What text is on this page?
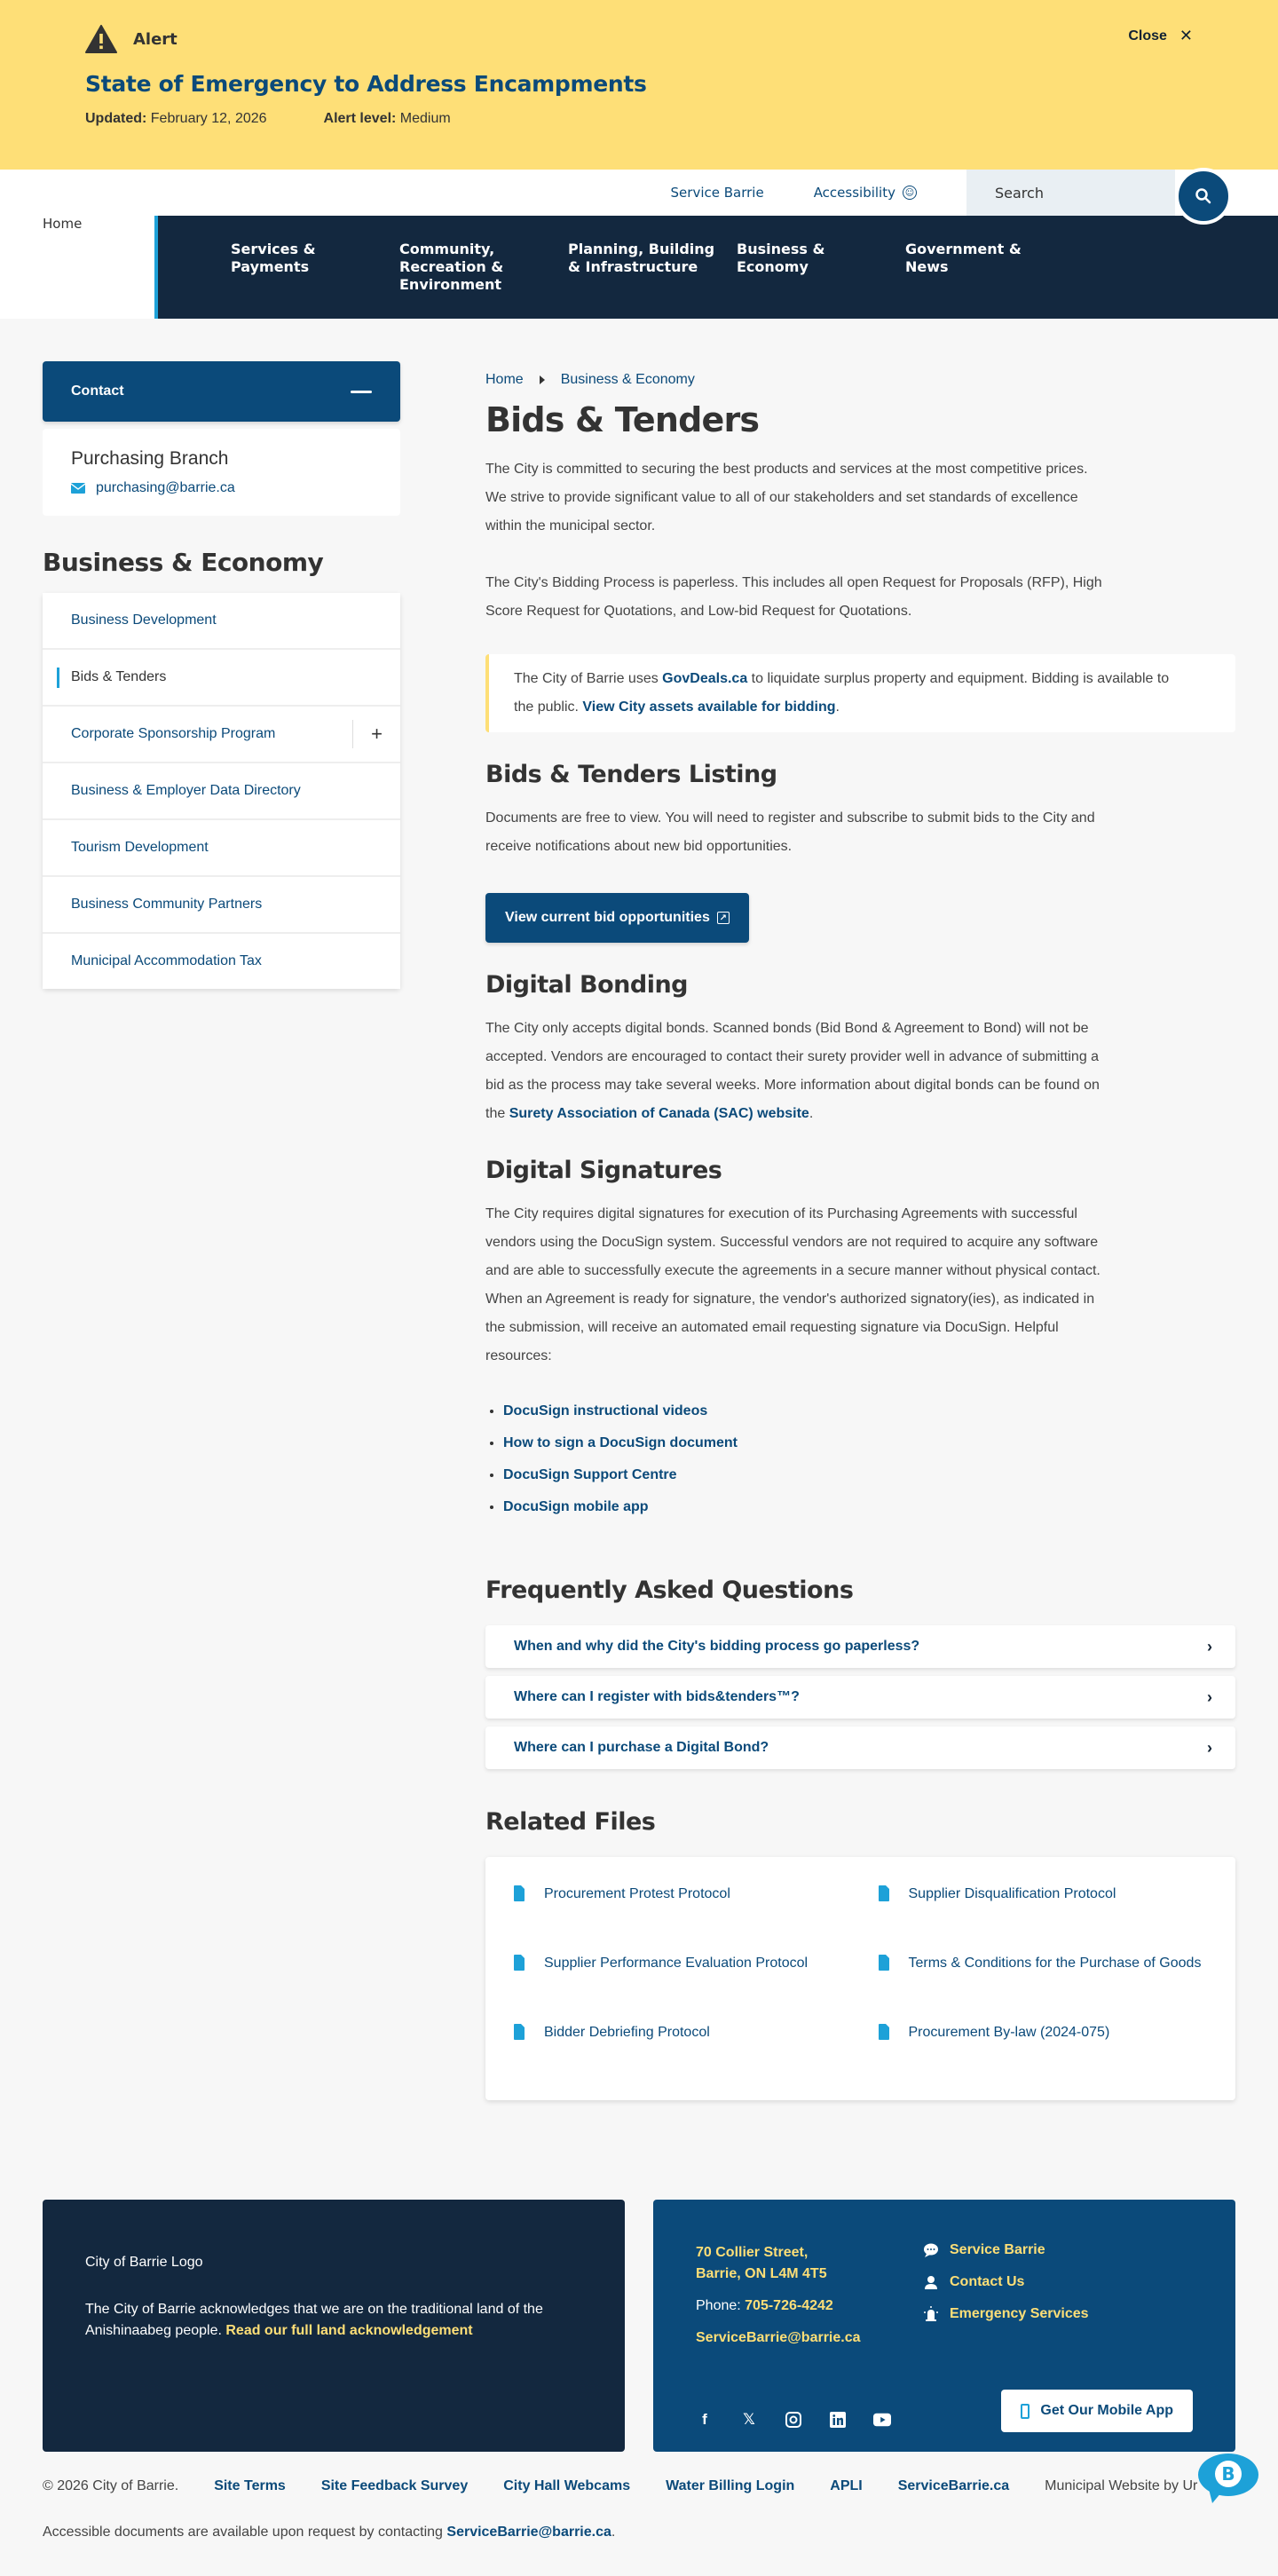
Alert
State of Emergency to Address Encampments
Updated: February 12, 2026	Alert level: Medium
Close ✕
Service Barrie	Accessibility ☺	Search
Home
Services & Payments
Community, Recreation & Environment
Planning, Building & Infrastructure
Business & Economy
Government & News
Contact
Purchasing Branch
purchasing@barrie.ca
Business & Economy
Business Development
Bids & Tenders
Corporate Sponsorship Program	+
Business & Employer Data Directory
Tourism Development
Business Community Partners
Municipal Accommodation Tax
Home	Business & Economy
Bids & Tenders

The City is committed to securing the best products and services at the most competitive prices. We strive to provide significant value to all of our stakeholders and set standards of excellence within the municipal sector.

The City's Bidding Process is paperless. This includes all open Request for Proposals (RFP), High Score Request for Quotations, and Low-bid Request for Quotations.

The City of Barrie uses GovDeals.ca to liquidate surplus property and equipment. Bidding is available to the public. View City assets available for bidding.

Bids & Tenders Listing

Documents are free to view. You will need to register and subscribe to submit bids to the City and receive notifications about new bid opportunities.

View current bid opportunities ↗
Digital Bonding

The City only accepts digital bonds. Scanned bonds (Bid Bond & Agreement to Bond) will not be accepted. Vendors are encouraged to contact their surety provider well in advance of submitting a bid as the process may take several weeks. More information about digital bonds can be found on the Surety Association of Canada (SAC) website.

Digital Signatures

The City requires digital signatures for execution of its Purchasing Agreements with successful vendors using the DocuSign system. Successful vendors are not required to acquire any software and are able to successfully execute the agreements in a secure manner without physical contact. When an Agreement is ready for signature, the vendor's authorized signatory(ies), as indicated in the submission, will receive an automated email requesting signature via DocuSign. Helpful resources:

• DocuSign instructional videos
• How to sign a DocuSign document
• DocuSign Support Centre
• DocuSign mobile app
Frequently Asked Questions
When and why did the City's bidding process go paperless?	›
Where can I register with bids&tenders™?	›
Where can I purchase a Digital Bond?	›
Related Files
Procurement Protest Protocol	Supplier Disqualification Protocol
Supplier Performance Evaluation Protocol	Terms & Conditions for the Purchase of Goods
Bidder Debriefing Protocol	Procurement By-law (2024-075)
City of Barrie Logo
The City of Barrie acknowledges that we are on the traditional land of the Anishinaabeg people. Read our full land acknowledgement
70 Collier Street,
Barrie, ON L4M 4T5
Phone: 705-726-4242
ServiceBarrie@barrie.ca
Service Barrie
Contact Us
Emergency Services
f	𝕏
Get Our Mobile App
© 2026 City of Barrie.	Site Terms	Site Feedback Survey	City Hall Webcams	Water Billing Login	APLI	ServiceBarrie.ca	Municipal Website by Ur
Accessible documents are available upon request by contacting ServiceBarrie@barrie.ca.
B
